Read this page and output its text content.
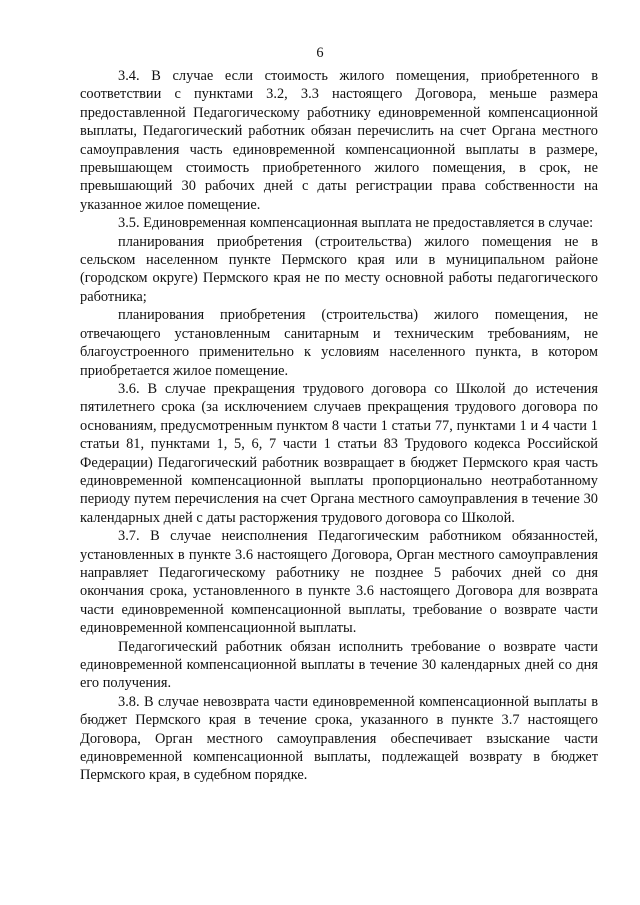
6

3.4. В случае если стоимость жилого помещения, приобретенного в соответствии с пунктами 3.2, 3.3 настоящего Договора, меньше размера предоставленной Педагогическому работнику единовременной компенсационной выплаты, Педагогический работник обязан перечислить на счет Органа местного самоуправления часть единовременной компенсационной выплаты в размере, превышающем стоимость приобретенного жилого помещения, в срок, не превышающий 30 рабочих дней с даты регистрации права собственности на указанное жилое помещение.

3.5. Единовременная компенсационная выплата не предоставляется в случае:

планирования приобретения (строительства) жилого помещения не в сельском населенном пункте Пермского края или в муниципальном районе (городском округе) Пермского края не по месту основной работы педагогического работника;

планирования приобретения (строительства) жилого помещения, не отвечающего установленным санитарным и техническим требованиям, не благоустроенного применительно к условиям населенного пункта, в котором приобретается жилое помещение.

3.6. В случае прекращения трудового договора со Школой до истечения пятилетнего срока (за исключением случаев прекращения трудового договора по основаниям, предусмотренным пунктом 8 части 1 статьи 77, пунктами 1 и 4 части 1 статьи 81, пунктами 1, 5, 6, 7 части 1 статьи 83 Трудового кодекса Российской Федерации) Педагогический работник возвращает в бюджет Пермского края часть единовременной компенсационной выплаты пропорционально неотработанному периоду путем перечисления на счет Органа местного самоуправления в течение 30 календарных дней с даты расторжения трудового договора со Школой.

3.7. В случае неисполнения Педагогическим работником обязанностей, установленных в пункте 3.6 настоящего Договора, Орган местного самоуправления направляет Педагогическому работнику не позднее 5 рабочих дней со дня окончания срока, установленного в пункте 3.6 настоящего Договора для возврата части единовременной компенсационной выплаты, требование о возврате части единовременной компенсационной выплаты.

Педагогический работник обязан исполнить требование о возврате части единовременной компенсационной выплаты в течение 30 календарных дней со дня его получения.

3.8. В случае невозврата части единовременной компенсационной выплаты в бюджет Пермского края в течение срока, указанного в пункте 3.7 настоящего Договора, Орган местного самоуправления обеспечивает взыскание части единовременной компенсационной выплаты, подлежащей возврату в бюджет Пермского края, в судебном порядке.
